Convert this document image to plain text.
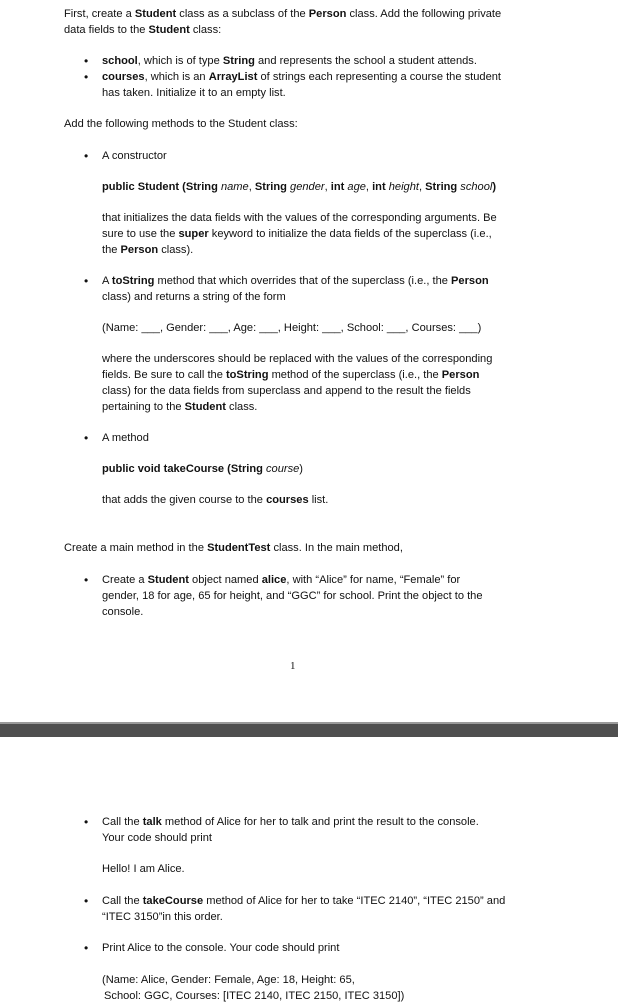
First, create a Student class as a subclass of the Person class. Add the following private
data fields to the Student class:
• school, which is of type String and represents the school a student attends.
• courses, which is an ArrayList of strings each representing a course the student
has taken. Initialize it to an empty list.
Add the following methods to the Student class:
• A constructor
public Student (String name, String gender, int age, int height, String school)
that initializes the data fields with the values of the corresponding arguments. Be
sure to use the super keyword to initialize the data fields of the superclass (i.e.,
the Person class).
• A toString method that which overrides that of the superclass (i.e., the Person
class) and returns a string of the form
(Name: ___, Gender: ___, Age: ___, Height: ___, School: ___, Courses: ___)
where the underscores should be replaced with the values of the corresponding
fields. Be sure to call the toString method of the superclass (i.e., the Person
class) for the data fields from superclass and append to the result the fields
pertaining to the Student class.
• A method
public void takeCourse (String course)
that adds the given course to the courses list.
Create a main method in the StudentTest class. In the main method,
• Create a Student object named alice, with “Alice” for name, “Female” for
gender, 18 for age, 65 for height, and “GGC” for school. Print the object to the
console.
1
• Call the talk method of Alice for her to talk and print the result to the console.
Your code should print
Hello! I am Alice.
• Call the takeCourse method of Alice for her to take “ITEC 2140”, “ITEC 2150” and
“ITEC 3150”in this order.
• Print Alice to the console. Your code should print
(Name: Alice, Gender: Female, Age: 18, Height: 65,
School: GGC, Courses: [ITEC 2140, ITEC 2150, ITEC 3150])
